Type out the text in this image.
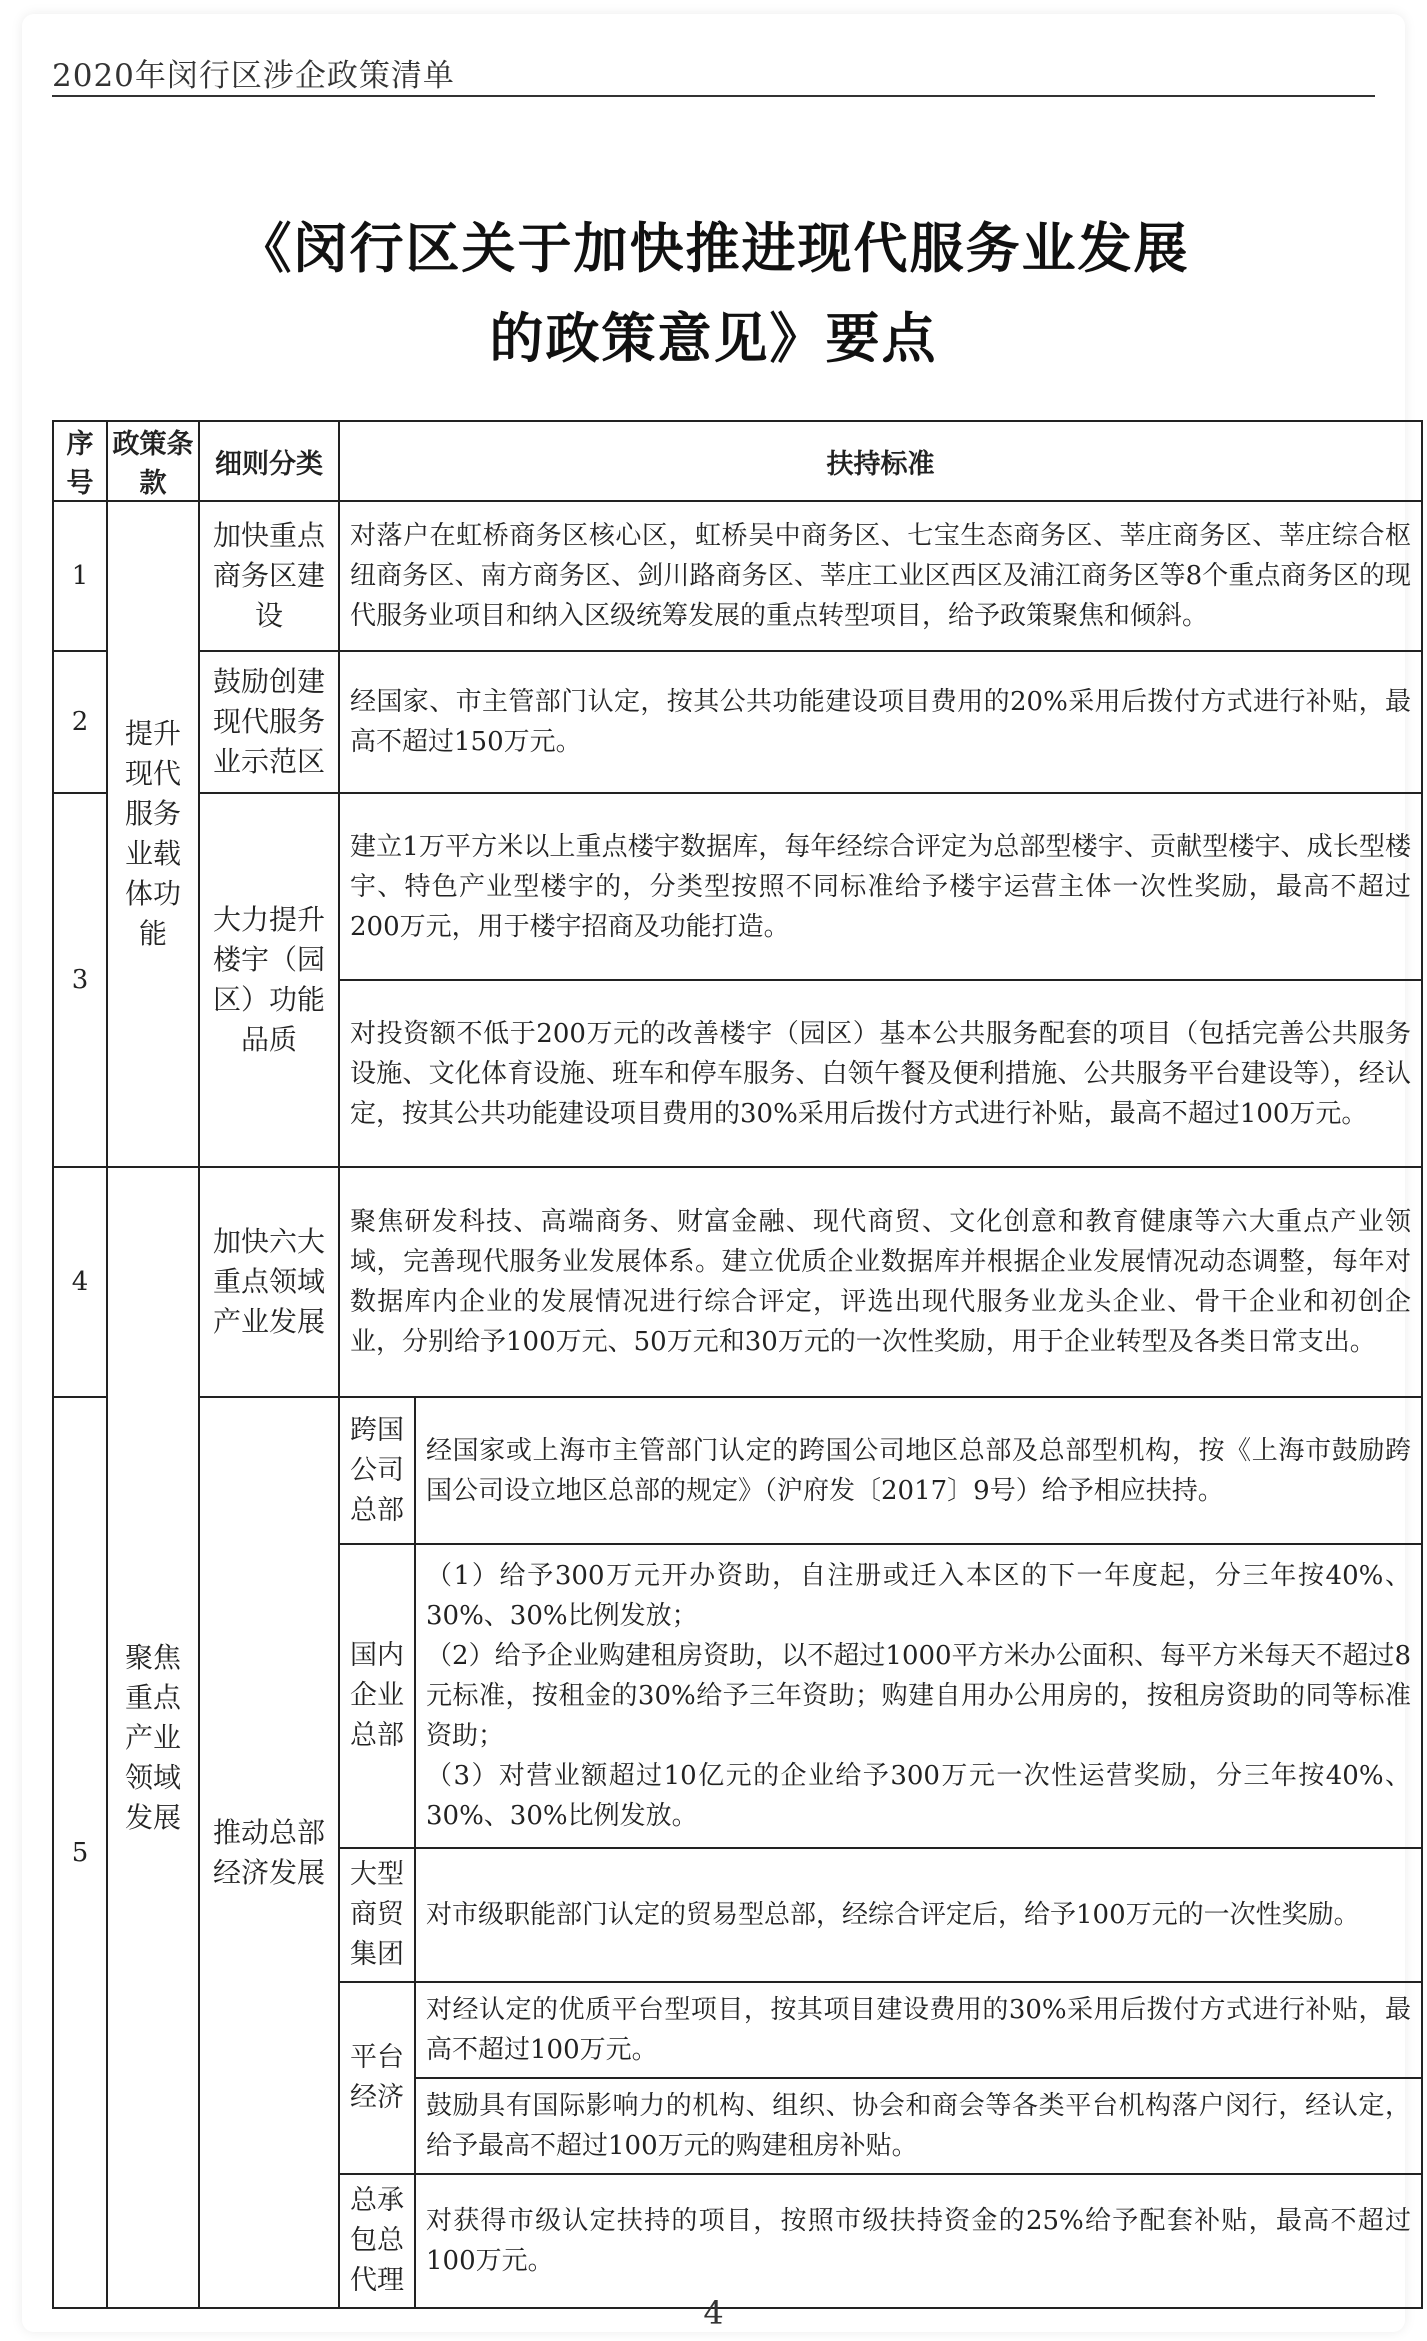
2020年闵行区涉企政策清单
《闵行区关于加快推进现代服务业发展
的政策意见》要点
序号	政策条款	细则分类	扶持标准	
1	提升现代服务业载体功能	加快重点商务区建设	对落户在虹桥商务区核心区，虹桥吴中商务区、七宝生态商务区、莘庄商务区、莘庄综合枢纽商务区、南方商务区、剑川路商务区、莘庄工业区西区及浦江商务区等8个重点商务区的现代服务业项目和纳入区级统筹发展的重点转型项目，给予政策聚焦和倾斜。	
2		鼓励创建现代服务业示范区	经国家、市主管部门认定，按其公共功能建设项目费用的20%采用后拨付方式进行补贴，最高不超过150万元。	
3		大力提升楼宇（园区）功能品质	建立1万平方米以上重点楼宇数据库，每年经综合评定为总部型楼宇、贡献型楼宇、成长型楼宇、特色产业型楼宇的，分类型按照不同标准给予楼宇运营主体一次性奖励，最高不超过200万元，用于楼宇招商及功能打造。	
			对投资额不低于200万元的改善楼宇（园区）基本公共服务配套的项目（包括完善公共服务设施、文化体育设施、班车和停车服务、白领午餐及便利措施、公共服务平台建设等），经认定，按其公共功能建设项目费用的30%采用后拨付方式进行补贴，最高不超过100万元。	
4	聚焦重点产业领域发展	加快六大重点领域产业发展	聚焦研发科技、高端商务、财富金融、现代商贸、文化创意和教育健康等六大重点产业领域，完善现代服务业发展体系。建立优质企业数据库并根据企业发展情况动态调整，每年对数据库内企业的发展情况进行综合评定，评选出现代服务业龙头企业、骨干企业和初创企业，分别给予100万元、50万元和30万元的一次性奖励，用于企业转型及各类日常支出。	
5		推动总部经济发展	跨国公司总部	经国家或上海市主管部门认定的跨国公司地区总部及总部型机构，按《上海市鼓励跨国公司设立地区总部的规定》（沪府发〔2017〕9号）给予相应扶持。
			国内企业总部	（1）给予300万元开办资助，自注册或迁入本区的下一年度起，分三年按40%、30%、30%比例发放；
（2）给予企业购建租房资助，以不超过1000平方米办公面积、每平方米每天不超过8元标准，按租金的30%给予三年资助；购建自用办公用房的，按租房资助的同等标准资助；
（3）对营业额超过10亿元的企业给予300万元一次性运营奖励，分三年按40%、30%、30%比例发放。

			大型商贸集团	对市级职能部门认定的贸易型总部，经综合评定后，给予100万元的一次性奖励。
			平台经济	对经认定的优质平台型项目，按其项目建设费用的30%采用后拨付方式进行补贴，最高不超过100万元。
				鼓励具有国际影响力的机构、组织、协会和商会等各类平台机构落户闵行，经认定，给予最高不超过100万元的购建租房补贴。
			总承包总代理	对获得市级认定扶持的项目，按照市级扶持资金的25%给予配套补贴，最高不超过100万元。
4
